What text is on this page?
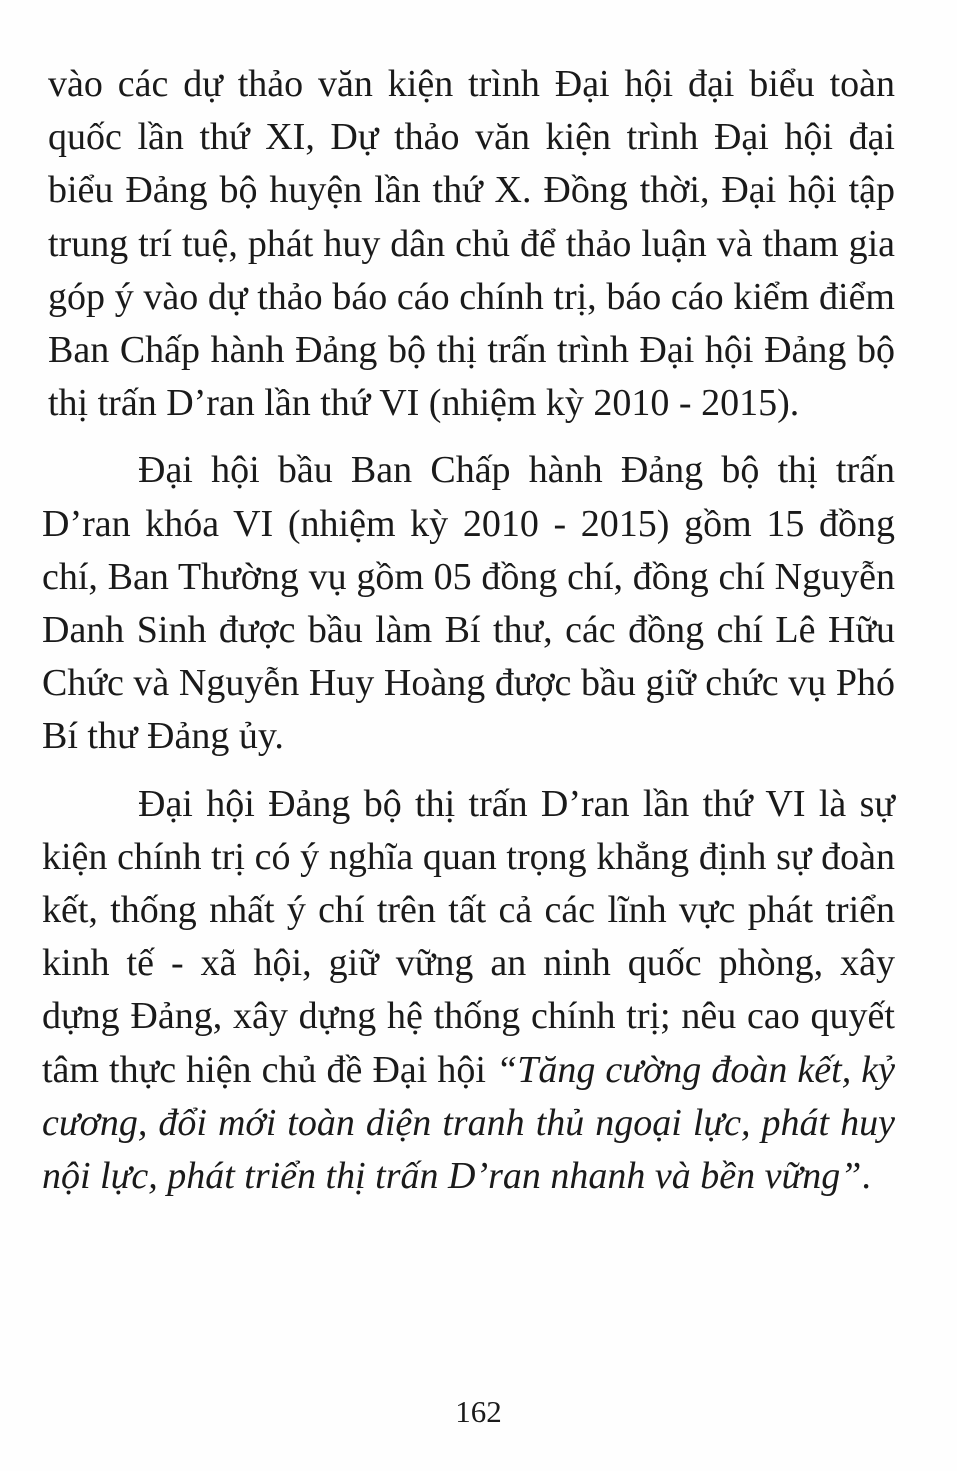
vào các dự thảo văn kiện trình Đại hội đại biểu toàn quốc lần thứ XI, Dự thảo văn kiện trình Đại hội đại biểu Đảng bộ huyện lần thứ X. Đồng thời, Đại hội tập trung trí tuệ, phát huy dân chủ để thảo luận và tham gia góp ý vào dự thảo báo cáo chính trị, báo cáo kiểm điểm Ban Chấp hành Đảng bộ thị trấn trình Đại hội Đảng bộ thị trấn D’ran lần thứ VI (nhiệm kỳ 2010 - 2015).

Đại hội bầu Ban Chấp hành Đảng bộ thị trấn D’ran khóa VI (nhiệm kỳ 2010 - 2015) gồm 15 đồng chí, Ban Thường vụ gồm 05 đồng chí, đồng chí Nguyễn Danh Sinh được bầu làm Bí thư, các đồng chí Lê Hữu Chức và Nguyễn Huy Hoàng được bầu giữ chức vụ Phó Bí thư Đảng ủy.

Đại hội Đảng bộ thị trấn D’ran lần thứ VI là sự kiện chính trị có ý nghĩa quan trọng khẳng định sự đoàn kết, thống nhất ý chí trên tất cả các lĩnh vực phát triển kinh tế - xã hội, giữ vững an ninh quốc phòng, xây dựng Đảng, xây dựng hệ thống chính trị; nêu cao quyết tâm thực hiện chủ đề Đại hội “Tăng cường đoàn kết, kỷ cương, đổi mới toàn diện tranh thủ ngoại lực, phát huy nội lực, phát triển thị trấn D’ran nhanh và bền vững”.

162
